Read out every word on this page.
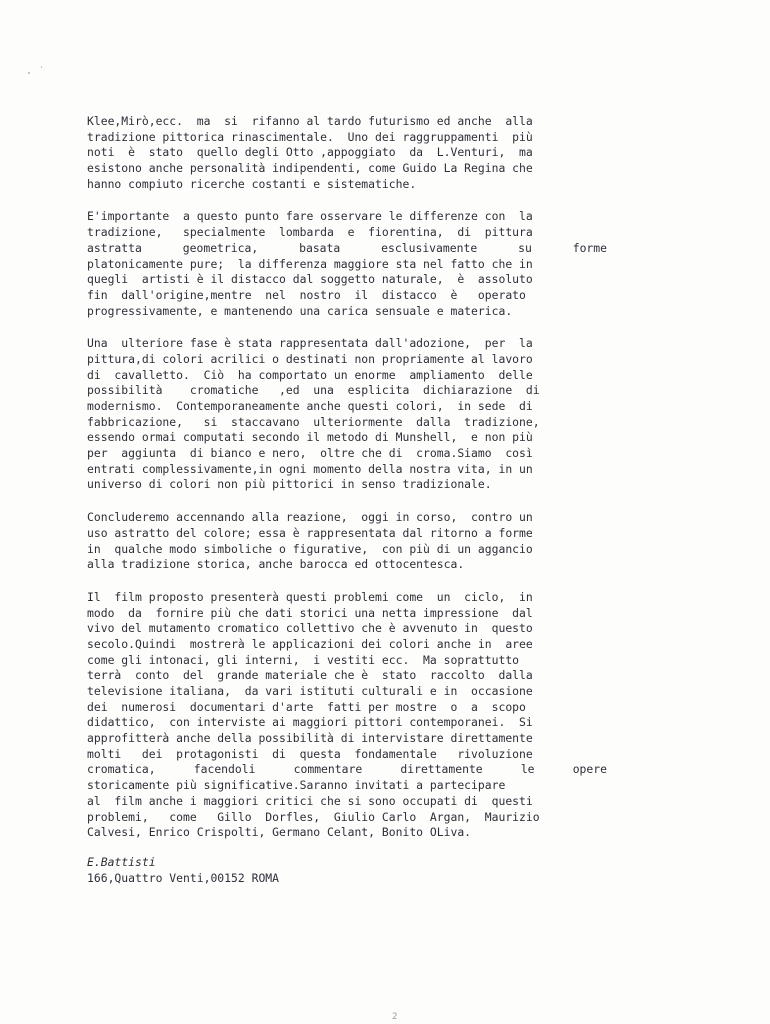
Klee,Mirò,ecc.  ma  si  rifanno al tardo futurismo ed anche  alla
tradizione pittorica rinascimentale.  Uno dei raggruppamenti  più
noti  è  stato  quello degli Otto ,appoggiato  da  L.Venturi,  ma
esistono anche personalità indipendenti, come Guido La Regina che
hanno compiuto ricerche costanti e sistematiche.
E'importante  a questo punto fare osservare le differenze con  la
tradizione,   specialmente  lombarda  e  fiorentina,  di  pittura
astratta geometrica, basata esclusivamente su forme
platonicamente pure;  la differenza maggiore sta nel fatto che in
quegli  artisti è il distacco dal soggetto naturale,  è  assoluto
fin  dall'origine,mentre  nel  nostro  il  distacco  è   operato
progressivamente, e mantenendo una carica sensuale e materica.
Una  ulteriore fase è stata rappresentata dall'adozione,  per  la
pittura,di colori acrilici o destinati non propriamente al lavoro
di  cavalletto.  Ciò  ha comportato un enorme  ampliamento  delle
possibilità    cromatiche   ,ed  una  esplicita  dichiarazione  di
modernismo.  Contemporaneamente anche questi colori,  in sede  di
fabbricazione,   si  staccavano  ulteriormente  dalla  tradizione,
essendo ormai computati secondo il metodo di Munshell,  e non più
per  aggiunta  di bianco e nero,  oltre che di  croma.Siamo  così
entrati complessivamente,in ogni momento della nostra vita, in un
universo di colori non più pittorici in senso tradizionale.
Concluderemo accennando alla reazione,  oggi in corso,  contro un
uso astratto del colore; essa è rappresentata dal ritorno a forme
in  qualche modo simboliche o figurative,  con più di un aggancio
alla tradizione storica, anche barocca ed ottocentesca.
Il  film proposto presenterà questi problemi come  un  ciclo,  in
modo  da  fornire più che dati storici una netta impressione  dal
vivo del mutamento cromatico collettivo che è avvenuto in  questo
secolo.Quindi  mostrerà le applicazioni dei colori anche in  aree
come gli intonaci, gli interni,  i vestiti ecc.  Ma soprattutto
terrà  conto  del  grande materiale che è  stato  raccolto  dalla
televisione italiana,  da vari istituti culturali e in  occasione
dei  numerosi  documentari d'arte  fatti per mostre  o  a  scopo
didattico,  con interviste ai maggiori pittori contemporanei.  Si
approfitterà anche della possibilità di intervistare direttamente
molti   dei  protagonisti  di  questa  fondamentale   rivoluzione
cromatica, facendoli commentare direttamente le opere
storicamente più significative.Saranno invitati a partecipare
al  film anche i maggiori critici che si sono occupati di  questi
problemi,   come   Gillo  Dorfles,  Giulio Carlo  Argan,  Maurizio
Calvesi, Enrico Crispolti, Germano Celant, Bonito OLiva.
E.Battisti
166,Quattro Venti,00152 ROMA
2
